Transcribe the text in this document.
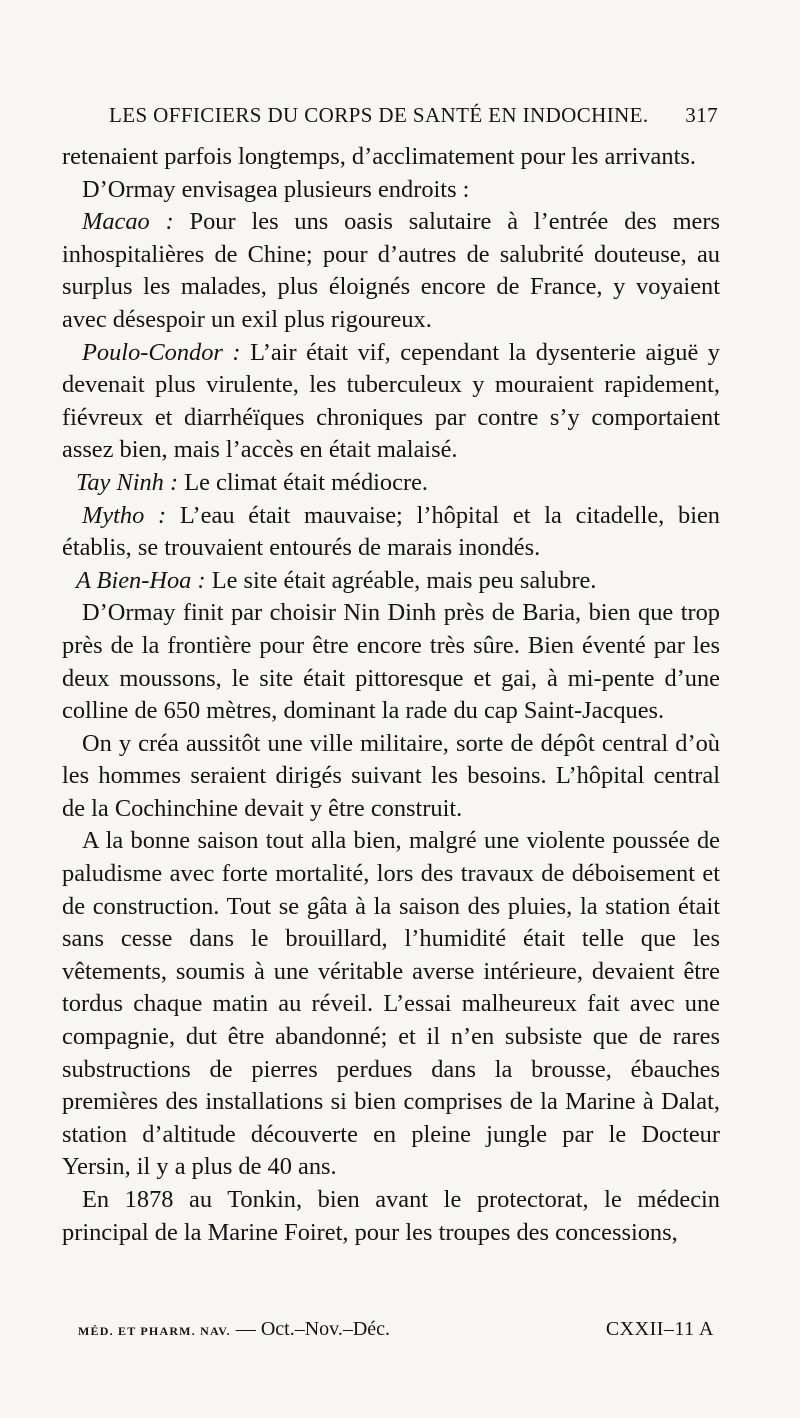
LES OFFICIERS DU CORPS DE SANTÉ EN INDOCHINE. 317

retenaient parfois longtemps, d’acclimatement pour les arrivants.

D’Ormay envisagea plusieurs endroits :

Macao : Pour les uns oasis salutaire à l’entrée des mers inhospitalières de Chine; pour d’autres de salubrité douteuse, au surplus les malades, plus éloignés encore de France, y voyaient avec désespoir un exil plus rigoureux.

Poulo-Condor : L’air était vif, cependant la dysenterie aiguë y devenait plus virulente, les tuberculeux y mouraient rapidement, fiévreux et diarrhéïques chroniques par contre s’y comportaient assez bien, mais l’accès en était malaisé.

Tay Ninh : Le climat était médiocre.

Mytho : L’eau était mauvaise; l’hôpital et la citadelle, bien établis, se trouvaient entourés de marais inondés.

A Bien-Hoa : Le site était agréable, mais peu salubre.

D’Ormay finit par choisir Nin Dinh près de Baria, bien que trop près de la frontière pour être encore très sûre. Bien éventé par les deux moussons, le site était pittoresque et gai, à mi-pente d’une colline de 650 mètres, dominant la rade du cap Saint-Jacques.

On y créa aussitôt une ville militaire, sorte de dépôt central d’où les hommes seraient dirigés suivant les besoins. L’hôpital central de la Cochinchine devait y être construit.

A la bonne saison tout alla bien, malgré une violente poussée de paludisme avec forte mortalité, lors des travaux de déboisement et de construction. Tout se gâta à la saison des pluies, la station était sans cesse dans le brouillard, l’humidité était telle que les vêtements, soumis à une véritable averse intérieure, devaient être tordus chaque matin au réveil. L’essai malheureux fait avec une compagnie, dut être abandonné; et il n’en subsiste que de rares substructions de pierres perdues dans la brousse, ébauches premières des installations si bien comprises de la Marine à Dalat, station d’altitude découverte en pleine jungle par le Docteur Yersin, il y a plus de 40 ans.

En 1878 au Tonkin, bien avant le protectorat, le médecin principal de la Marine Foiret, pour les troupes des concessions,

MÉD. ET PHARM. NAV. — Oct.–Nov.–Déc.	CXXII–11 A
